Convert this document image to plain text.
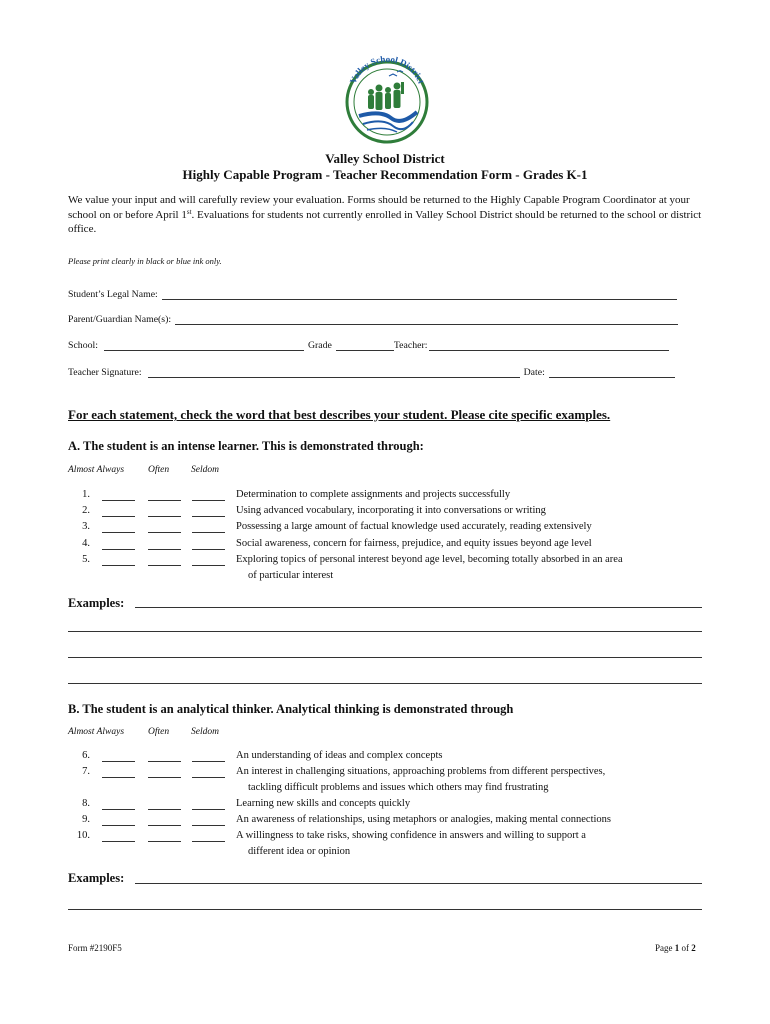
Valley School District
Valley School District
Highly Capable Program - Teacher Recommendation Form - Grades K-1
We value your input and will carefully review your evaluation. Forms should be returned to the Highly Capable Program Coordinator at your school on or before April 1st. Evaluations for students not currently enrolled in Valley School District should be returned to the school or district office.
Please print clearly in black or blue ink only.
Student’s Legal Name:
Parent/Guardian Name(s):
School:	Grade	Teacher:
Teacher Signature:	Date:
For each statement, check the word that best describes your student. Please cite specific examples.
A. The student is an intense learner. This is demonstrated through:
Almost Always	Often Seldom
1.	Determination to complete assignments and projects successfully
2.	Using advanced vocabulary, incorporating it into conversations or writing
3.	Possessing a large amount of factual knowledge used accurately, reading extensively
4.	Social awareness, concern for fairness, prejudice, and equity issues beyond age level
5.	Exploring topics of personal interest beyond age level, becoming totally absorbed in an area
of particular interest
Examples:
B. The student is an analytical thinker. Analytical thinking is demonstrated through
Almost Always	Often Seldom
6.	An understanding of ideas and complex concepts
7.	An interest in challenging situations, approaching problems from different perspectives,
tackling difficult problems and issues which others may find frustrating
8.	Learning new skills and concepts quickly
9.	An awareness of relationships, using metaphors or analogies, making mental connections
10.	A willingness to take risks, showing confidence in answers and willing to support a
different idea or opinion
Examples:
Form #2190F5	Page 1 of 2
